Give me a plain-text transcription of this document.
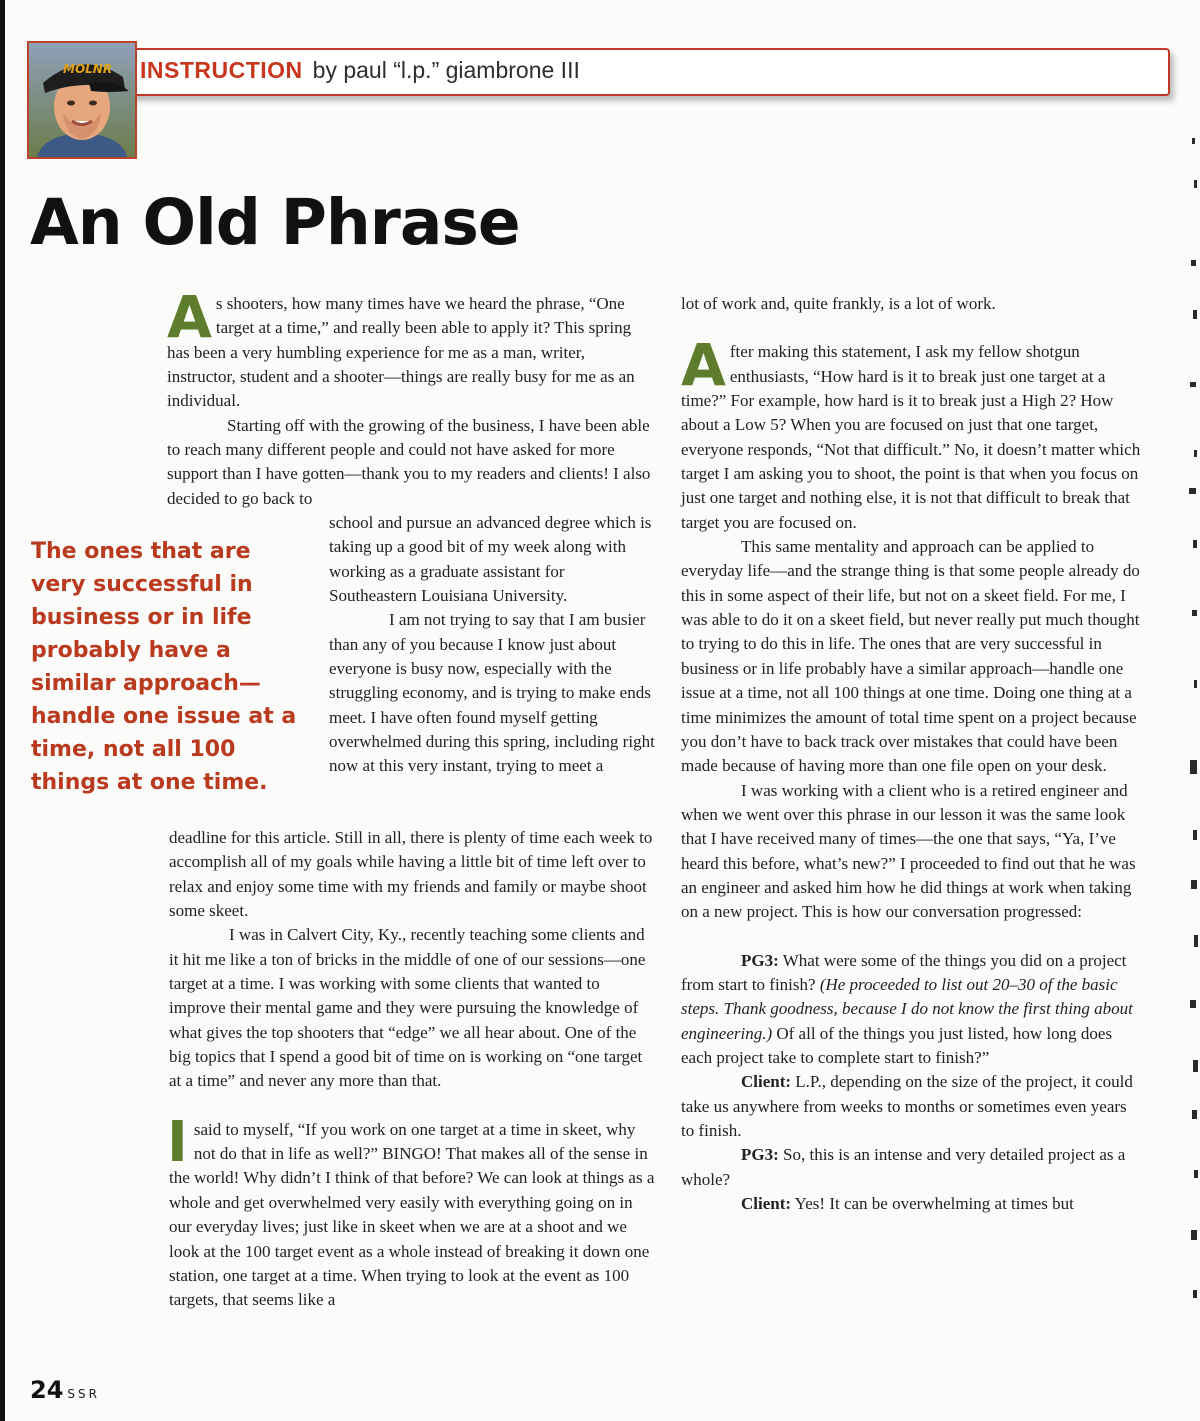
INSTRUCTION by paul “l.p.” giambrone III
MOLNR
An Old Phrase

The ones that are very successful in business or in life probably have a similar approach—handle one issue at a time, not all 100 things at one time.

As shooters, how many times have we heard the phrase, “One target at a time,” and really been able to apply it? This spring has been a very humbling experience for me as a man, writer, instructor, student and a shooter—things are really busy for me as an individual.

Starting off with the growing of the business, I have been able to reach many different people and could not have asked for more support than I have gotten—thank you to my readers and clients! I also decided to go back to

school and pursue an advanced degree which is taking up a good bit of my week along with working as a graduate assistant for Southeastern Louisiana University.

I am not trying to say that I am busier than any of you because I know just about everyone is busy now, especially with the struggling economy, and is trying to make ends meet. I have often found myself getting overwhelmed during this spring, including right now at this very instant, trying to meet a

deadline for this article. Still in all, there is plenty of time each week to accomplish all of my goals while having a little bit of time left over to relax and enjoy some time with my friends and family or maybe shoot some skeet.

I was in Calvert City, Ky., recently teaching some clients and it hit me like a ton of bricks in the middle of one of our sessions—one target at a time. I was working with some clients that wanted to improve their mental game and they were pursuing the knowledge of what gives the top shooters that “edge” we all hear about. One of the big topics that I spend a good bit of time on is working on “one target at a time” and never any more than that.

Isaid to myself, “If you work on one target at a time in skeet, why not do that in life as well?” BINGO! That makes all of the sense in the world! Why didn’t I think of that before? We can look at things as a whole and get overwhelmed very easily with everything going on in our everyday lives; just like in skeet when we are at a shoot and we look at the 100 target event as a whole instead of breaking it down one station, one target at a time. When trying to look at the event as 100 targets, that seems like a

lot of work and, quite frankly, is a lot of work.

After making this statement, I ask my fellow shotgun enthusiasts, “How hard is it to break just one target at a time?” For example, how hard is it to break just a High 2? How about a Low 5? When you are focused on just that one target, everyone responds, “Not that difficult.” No, it doesn’t matter which target I am asking you to shoot, the point is that when you focus on just one target and nothing else, it is not that difficult to break that target you are focused on.

This same mentality and approach can be applied to everyday life—and the strange thing is that some people already do this in some aspect of their life, but not on a skeet field. For me, I was able to do it on a skeet field, but never really put much thought to trying to do this in life. The ones that are very successful in business or in life probably have a similar approach—handle one issue at a time, not all 100 things at one time. Doing one thing at a time minimizes the amount of total time spent on a project because you don’t have to back track over mistakes that could have been made because of having more than one file open on your desk.

I was working with a client who is a retired engineer and when we went over this phrase in our lesson it was the same look that I have received many of times—the one that says, “Ya, I’ve heard this before, what’s new?” I proceeded to find out that he was an engineer and asked him how he did things at work when taking on a new project. This is how our conversation progressed:

PG3: What were some of the things you did on a project from start to finish? (He proceeded to list out 20–30 of the basic steps. Thank goodness, because I do not know the first thing about engineering.) Of all of the things you just listed, how long does each project take to complete start to finish?”

Client: L.P., depending on the size of the project, it could take us anywhere from weeks to months or sometimes even years to finish.

PG3: So, this is an intense and very detailed project as a whole?

Client: Yes! It can be overwhelming at times but

24 SSR
